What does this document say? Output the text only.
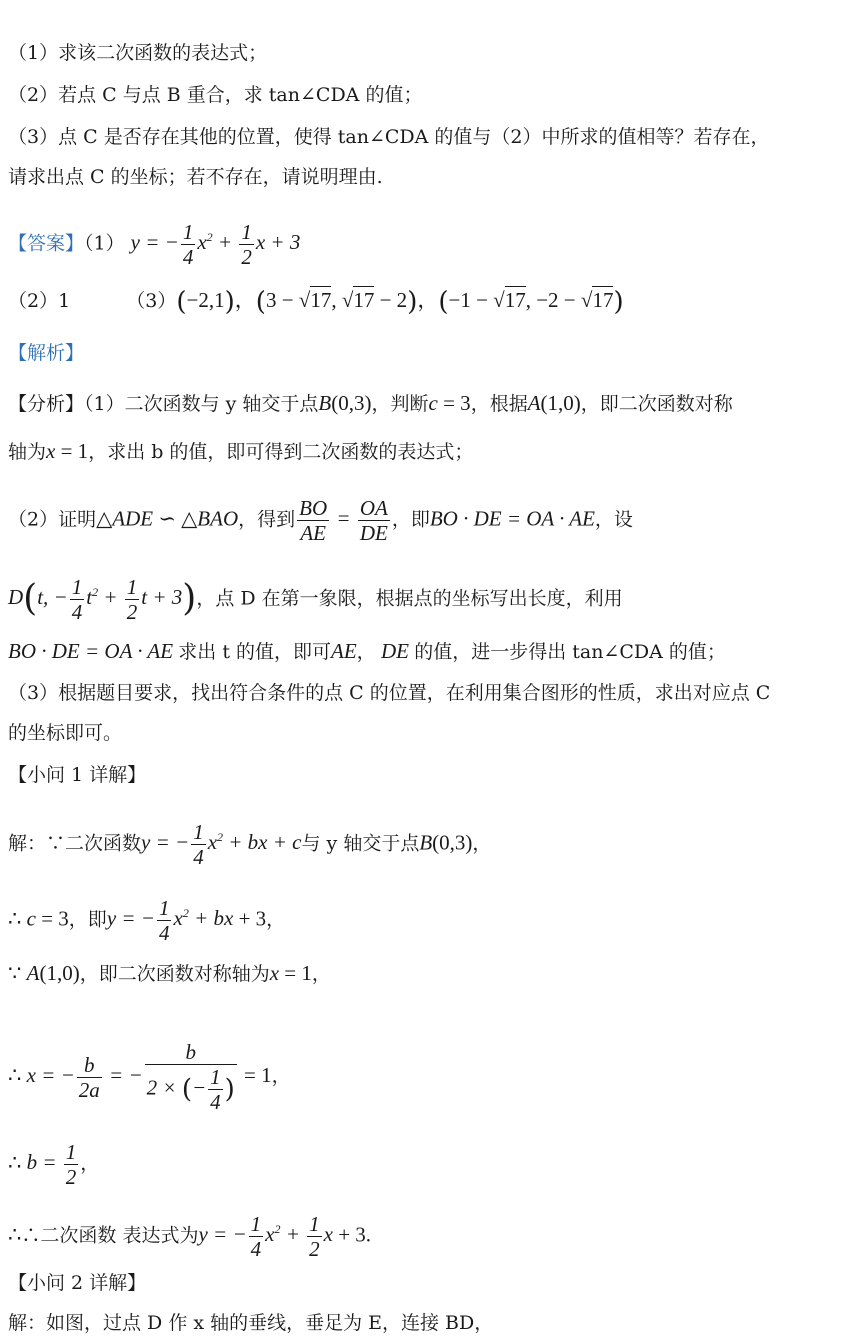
（1）求该二次函数的表达式；
（2）若点 C 与点 B 重合，求 tan∠CDA 的值；
（3）点 C 是否存在其他的位置，使得 tan∠CDA 的值与（2）中所求的值相等？若存在，
请求出点 C 的坐标；若不存在，请说明理由.
【答案】（1） y = − $\frac{1}{4} x^2 + \frac{1}{2}$ x + 3
（2）1	（3）(−2,1)，(3 − √17, √17 − 2)，(−1 − √17, −2 − √17)
【解析】
【分析】（1）二次函数与 y 轴交于点B(0,3)，判断c = 3，根据A(1,0)，即二次函数对称
轴为x = 1，求出 b 的值，即可得到二次函数的表达式；
（2）证明△ADE ∽ △BAO，得到 $\frac{BO}{AE} = \frac{OA}{DE}$ ，即BO · DE = OA · AE，设
D(t, − $\frac{1}{4} t^2 + \frac{1}{2}$ t + 3)，点 D 在第一象限，根据点的坐标写出长度，利用
BO · DE = OA · AE 求出 t 的值，即可AE， DE 的值，进一步得出 tan∠CDA 的值；
（3）根据题目要求，找出符合条件的点 C 的位置，在利用集合图形的性质，求出对应点 C
的坐标即可。
【小问 1 详解】
解：∵二次函数y = − $\frac{1}{4} x^2$ + bx + c与 y 轴交于点B(0,3)，
∴ c = 3，即y = − $\frac{1}{4} x^2$ + bx + 3，
∵ A(1,0)，即二次函数对称轴为x = 1，
∴ x = − $\frac{b}{2a}$ = − $\frac{b}{2 \times (- \frac{1}{4} )} = 1$，
∴ $b = \frac{1}{2}$ ，
∴∴二次函数 表达式为y = − $\frac{1}{4} x^2 + \frac{1}{2}$ x + 3.
【小问 2 详解】
解：如图，过点 D 作 x 轴的垂线，垂足为 E，连接 BD，
